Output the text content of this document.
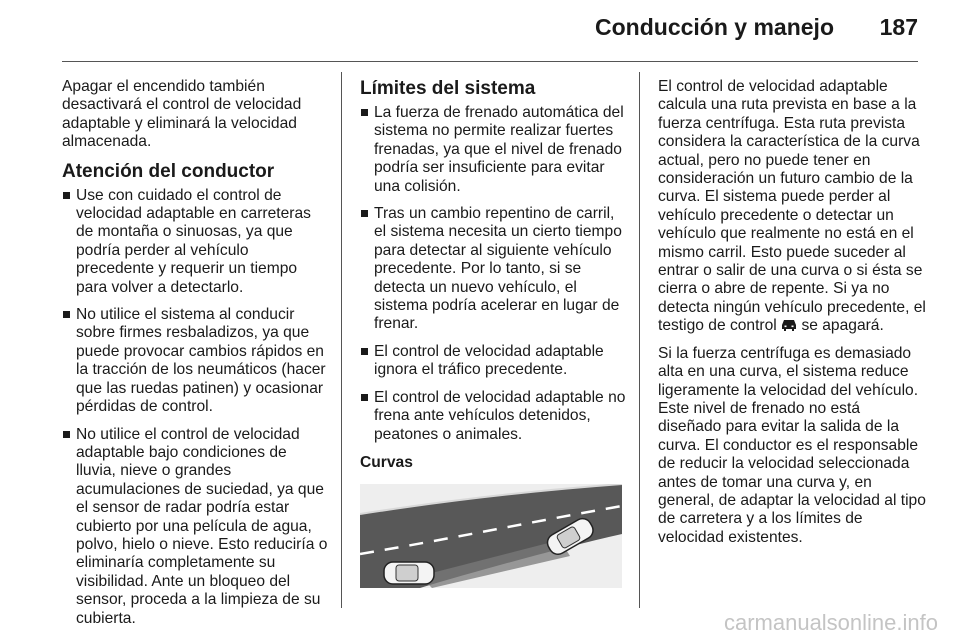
Conducción y manejo 187

Apagar el encendido también desactivará el control de velocidad adaptable y eliminará la velocidad almacenada.

Atención del conductor
Use con cuidado el control de velocidad adaptable en carreteras de montaña o sinuosas, ya que podría perder al vehículo precedente y requerir un tiempo para volver a detectarlo.
No utilice el sistema al conducir sobre firmes resbaladizos, ya que puede provocar cambios rápidos en la tracción de los neumáticos (hacer que las ruedas patinen) y ocasionar pérdidas de control.
No utilice el control de velocidad adaptable bajo condiciones de lluvia, nieve o grandes acumulaciones de suciedad, ya que el sensor de radar podría estar cubierto por una película de agua, polvo, hielo o nieve. Esto reduciría o eliminaría completamente su visibilidad. Ante un bloqueo del sensor, proceda a la limpieza de su cubierta.
Límites del sistema
La fuerza de frenado automática del sistema no permite realizar fuertes frenadas, ya que el nivel de frenado podría ser insuficiente para evitar una colisión.
Tras un cambio repentino de carril, el sistema necesita un cierto tiempo para detectar al siguiente vehículo precedente. Por lo tanto, si se detecta un nuevo vehículo, el sistema podría acelerar en lugar de frenar.
El control de velocidad adaptable ignora el tráfico precedente.
El control de velocidad adaptable no frena ante vehículos detenidos, peatones o animales.
Curvas

El control de velocidad adaptable calcula una ruta prevista en base a la fuerza centrífuga. Esta ruta prevista considera la característica de la curva actual, pero no puede tener en consideración un futuro cambio de la curva. El sistema puede perder al vehículo precedente o detectar un vehículo que realmente no está en el mismo carril. Esto puede suceder al entrar o salir de una curva o si ésta se cierra o abre de repente. Si ya no detecta ningún vehículo precedente, el testigo de control se apagará.

Si la fuerza centrífuga es demasiado alta en una curva, el sistema reduce ligeramente la velocidad del vehículo. Este nivel de frenado no está diseñado para evitar la salida de la curva. El conductor es el responsable de reducir la velocidad seleccionada antes de tomar una curva y, en general, de adaptar la velocidad al tipo de carretera y a los límites de velocidad existentes.

carmanualsonline.info
